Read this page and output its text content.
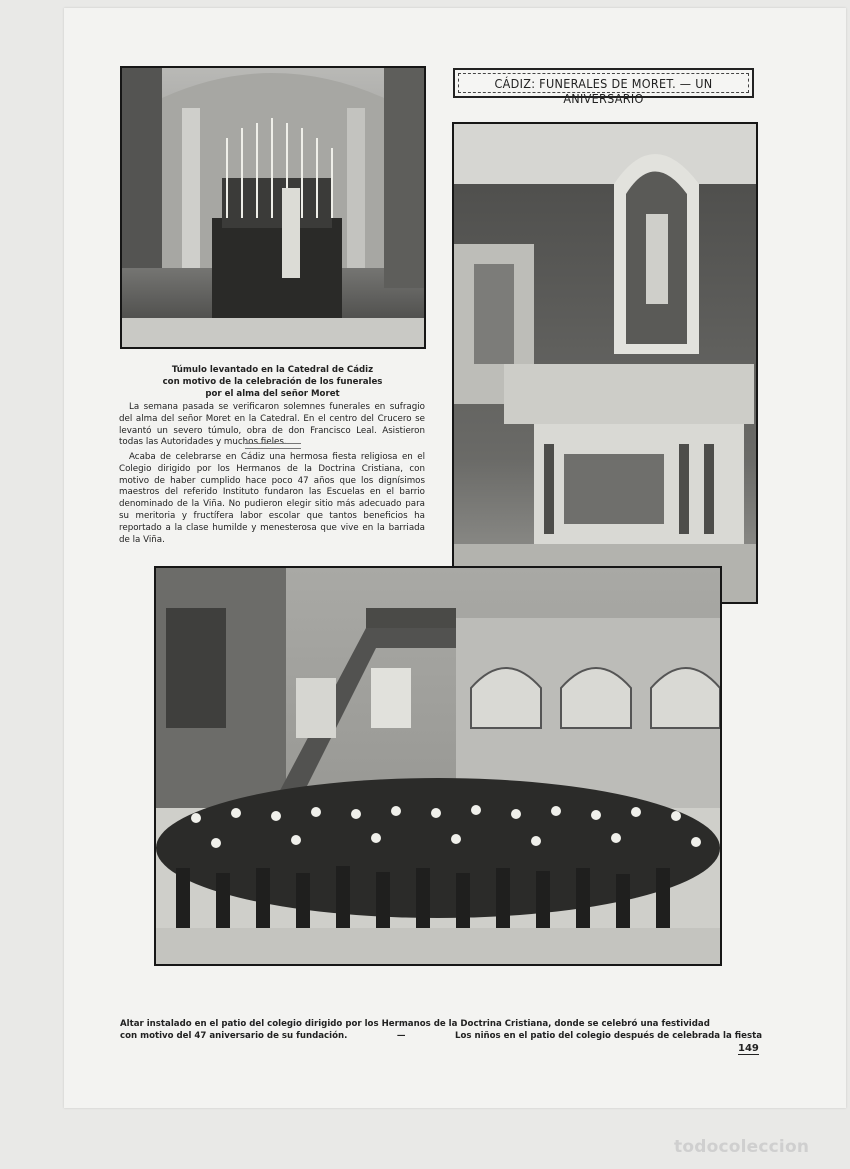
CÁDIZ: FUNERALES DE MORET. — UN ANIVERSARIO
Túmulo levantado en la Catedral de Cádiz
con motivo de la celebración de los funerales
por el alma del señor Moret
La semana pasada se verificaron solemnes funerales en sufragio del alma del señor Moret en la Catedral. En el centro del Crucero se levantó un severo túmulo, obra de don Francisco Leal. Asistieron todas las Autoridades y muchos fieles.
Acaba de celebrarse en Cádiz una hermosa fiesta religiosa en el Colegio dirigido por los Hermanos de la Doctrina Cristiana, con motivo de haber cumplido hace poco 47 años que los dignísimos maestros del referido Instituto fundaron las Escuelas en el barrio denominado de la Viña. No pudieron elegir sitio más adecuado para su meritoria y fructífera labor escolar que tantos beneficios ha reportado a la clase humilde y menesterosa que vive en la barriada de la Viña.
Altar instalado en el patio del colegio dirigido por los Hermanos de la Doctrina Cristiana, donde se celebró una festividad
con motivo del 47 aniversario de su fundación.	—	Los niños en el patio del colegio después de celebrada la fiesta
149
todocoleccion
